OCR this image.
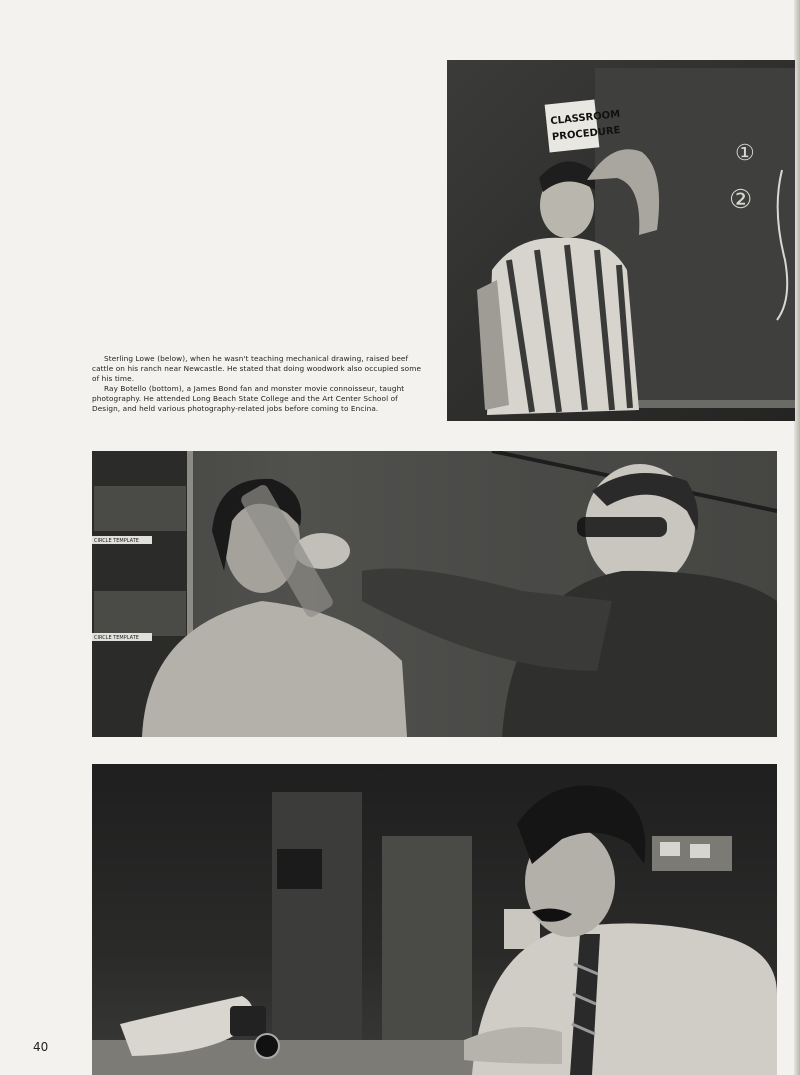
Sterling Lowe (below), when he wasn't teaching mechanical drawing, raised beef cattle on his ranch near Newcastle. He stated that doing woodwork also occupied some of his time.

Ray Botello (bottom), a James Bond fan and monster movie connoisseur, taught photography. He attended Long Beach State College and the Art Center School of Design, and held various photography-related jobs before coming to Encina.

①
②
CLASSROOM
PROCEDURE
CIRCLE TEMPLATE
CIRCLE TEMPLATE
40
